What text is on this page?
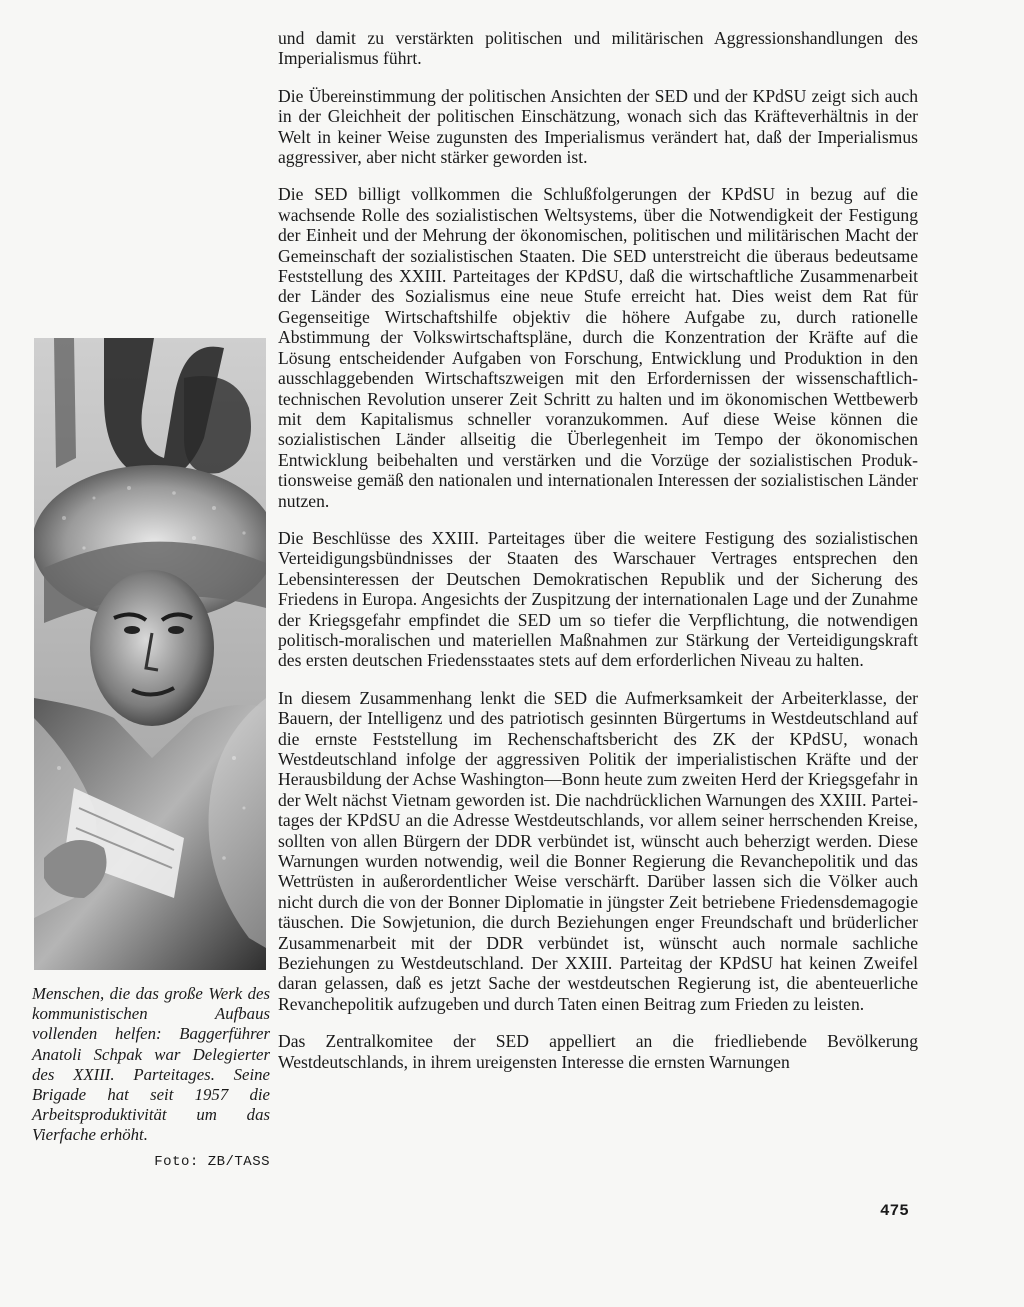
und damit zu verstärkten politischen und militärischen Aggressionshandlungen des Imperialismus führt.

Die Übereinstimmung der politischen Ansichten der SED und der KPdSU zeigt sich auch in der Gleichheit der politischen Einschätzung, wonach sich das Kräfteverhältnis in der Welt in keiner Weise zugunsten des Imperialismus verändert hat, daß der Imperialismus aggressiver, aber nicht stärker geworden ist.

Die SED billigt vollkommen die Schlußfolgerungen der KPdSU in bezug auf die wachsende Rolle des sozialistischen Weltsystems, über die Notwendigkeit der Festigung der Einheit und der Mehrung der ökonomischen, politischen und militärischen Macht der Gemeinschaft der sozialistischen Staaten. Die SED unterstreicht die überaus bedeutsame Feststellung des XXIII. Parteitages der KPdSU, daß die wirtschaftliche Zusammenarbeit der Länder des Sozialismus eine neue Stufe erreicht hat. Dies weist dem Rat für Gegenseitige Wirtschaftshilfe objektiv die höhere Aufgabe zu, durch rationelle Abstimmung der Volkswirtschaftspläne, durch die Konzentration der Kräfte auf die Lösung entscheidender Aufgaben von Forschung, Entwicklung und Produktion in den ausschlaggebenden Wirtschaftszweigen mit den Erfordernissen der wissenschaftlich-technischen Revolution unserer Zeit Schritt zu halten und im ökonomischen Wettbewerb mit dem Kapitalismus schneller voranzukommen. Auf diese Weise können die sozialistischen Länder allseitig die Überlegenheit im Tempo der ökonomischen Entwicklung beibehalten und verstärken und die Vorzüge der sozialistischen Produktionsweise gemäß den nationalen und internationalen Interessen der sozialistischen Länder nutzen.

Die Beschlüsse des XXIII. Parteitages über die weitere Festigung des sozialistischen Verteidigungsbündnisses der Staaten des Warschauer Vertrages entsprechen den Lebensinteressen der Deutschen Demokratischen Republik und der Sicherung des Friedens in Europa. Angesichts der Zuspitzung der internationalen Lage und der Zunahme der Kriegsgefahr empfindet die SED um so tiefer die Verpflichtung, die notwendigen politisch-moralischen und materiellen Maßnahmen zur Stärkung der Verteidigungskraft des ersten deutschen Friedensstaates stets auf dem erforderlichen Niveau zu halten.

In diesem Zusammenhang lenkt die SED die Aufmerksamkeit der Arbeiterklasse, der Bauern, der Intelligenz und des patriotisch gesinnten Bürgertums in Westdeutschland auf die ernste Feststellung im Rechenschaftsbericht des ZK der KPdSU, wonach Westdeutschland infolge der aggressiven Politik der imperialistischen Kräfte und der Herausbildung der Achse Washington—Bonn heute zum zweiten Herd der Kriegsgefahr in der Welt nächst Vietnam geworden ist. Die nachdrücklichen Warnungen des XXIII. Parteitages der KPdSU an die Adresse Westdeutschlands, vor allem seiner herrschenden Kreise, sollten von allen Bürgern der DDR verbündet ist, wünscht auch beherzigt werden. Diese Warnungen wurden notwendig, weil die Bonner Regierung die Revanchepolitik und das Wettrüsten in außerordentlicher Weise verschärft. Darüber lassen sich die Völker auch nicht durch die von der Bonner Diplomatie in jüngster Zeit betriebene Friedensdemagogie täuschen. Die Sowjetunion, die durch Beziehungen enger Freundschaft und brüderlicher Zusammenarbeit mit der DDR verbündet ist, wünscht auch normale sachliche Beziehungen zu Westdeutschland. Der XXIII. Parteitag der KPdSU hat keinen Zweifel daran gelassen, daß es jetzt Sache der westdeutschen Regierung ist, die abenteuerliche Revanchepolitik aufzugeben und durch Taten einen Beitrag zum Frieden zu leisten.

Das Zentralkomitee der SED appelliert an die friedliebende Bevölkerung Westdeutschlands, in ihrem ureigensten Interesse die ernsten Warnungen

Menschen, die das große Werk des kommunistischen Aufbaus vollenden helfen: Baggerführer Anatoli Schpak war Delegierter des XXIII. Parteitages. Seine Brigade hat seit 1957 die Arbeitsproduktivität um das Vierfache erhöht.
Foto: ZB/TASS
475
